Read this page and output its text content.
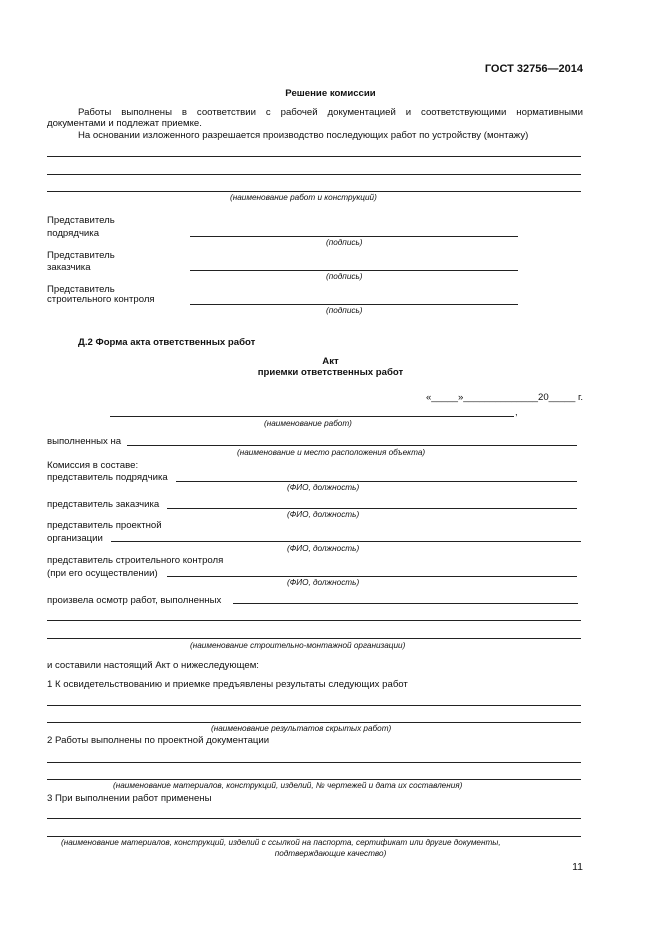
ГОСТ 32756—2014
Решение комиссии
Работы выполнены в соответствии с рабочей документацией и соответствующими нормативными
документами и подлежат приемке.
На основании изложенного разрешается производство последующих работ по устройству (монтажу)
(наименование работ и конструкций)
Представитель
подрядчика
(подпись)
Представитель
заказчика
(подпись)
Представитель
строительного контроля
(подпись)
Д.2 Форма акта ответственных работ
Акт
приемки ответственных работ
«_____»______________20_____ г.
,
(наименование работ)
выполненных на
(наименование и место расположения объекта)
Комиссия в составе:
представитель подрядчика
(ФИО, должность)
представитель заказчика
(ФИО, должность)
представитель проектной
организации
(ФИО, должность)
представитель строительного контроля
(при его осуществлении)
(ФИО, должность)
произвела осмотр работ, выполненных
(наименование строительно-монтажной организации)
и составили настоящий Акт о нижеследующем:
1 К освидетельствованию и приемке предъявлены результаты следующих работ
(наименование результатов скрытых работ)
2 Работы выполнены по проектной документации
(наименование материалов, конструкций, изделий, № чертежей и дата их составления)
3 При выполнении работ применены
(наименование материалов, конструкций, изделий с ссылкой на паспорта, сертификат или другие документы,
подтверждающие качество)
11
